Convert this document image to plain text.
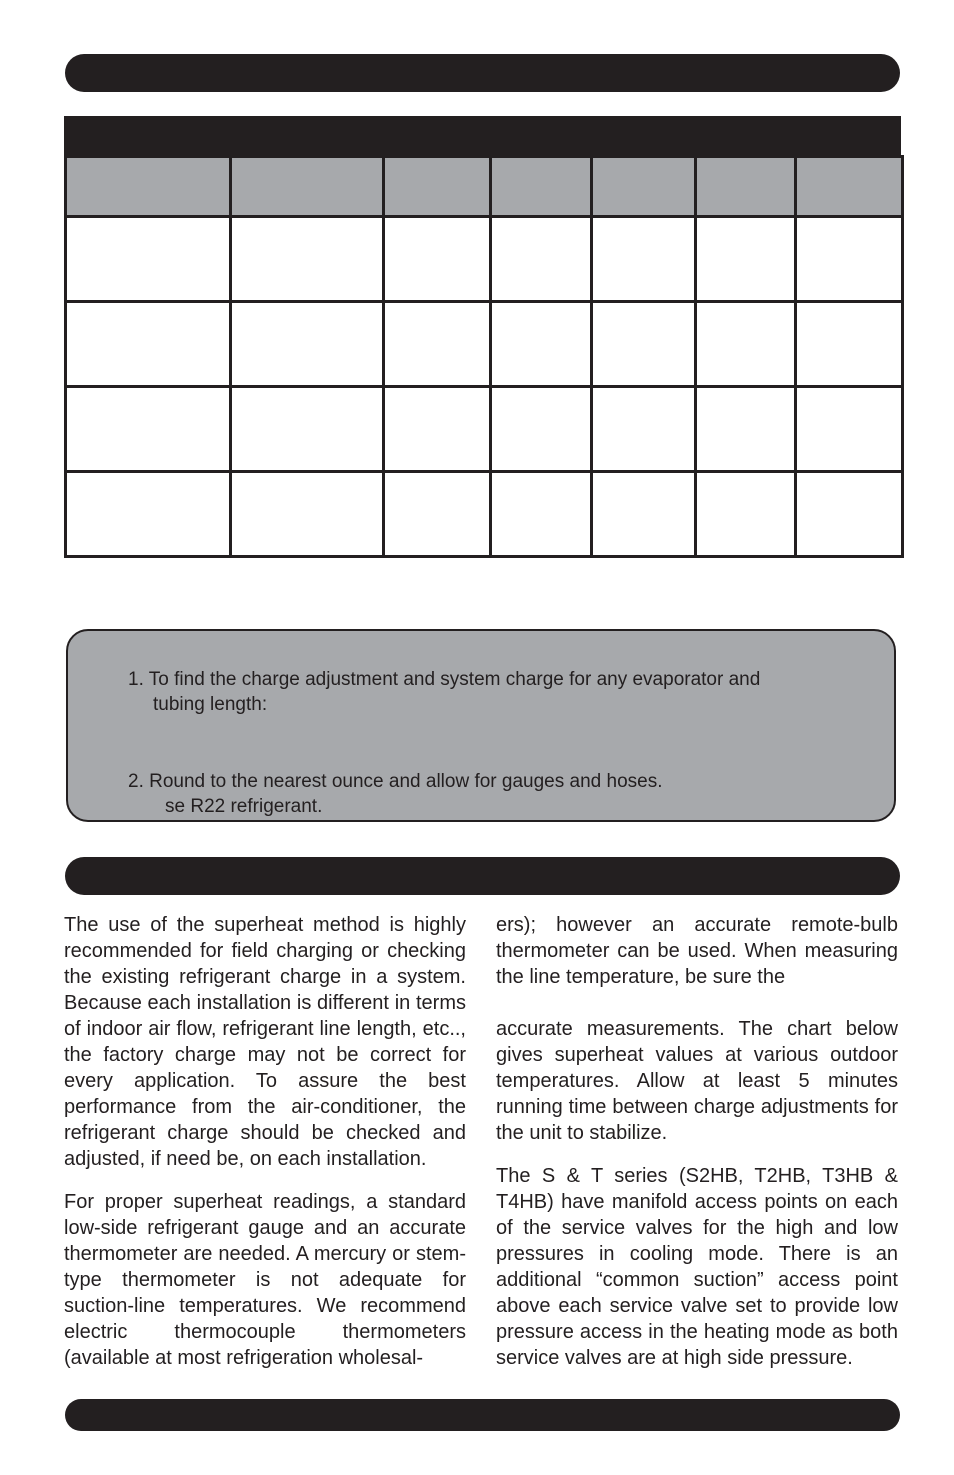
1. To find the charge adjustment and system charge for any evaporator and
tubing length:

2. Round to the nearest ounce and allow for gauges and hoses.
se R22 refrigerant.

The use of the superheat method is highly recommended for field charging or checking the existing refrigerant charge in a system. Because each installation is different in terms of indoor air flow, refrigerant line length, etc.., the factory charge may not be correct for every application. To assure the best performance from the air-conditioner, the refrigerant charge should be checked and adjusted, if need be, on each installation.

For proper superheat readings, a standard low-side refrigerant gauge and an accurate thermometer are needed. A mercury or stem-type thermometer is not adequate for suction-line temperatures. We recommend electric thermocouple thermometers (available at most refrigeration wholesal-

ers); however an accurate remote-bulb thermometer can be used. When measuring the line temperature, be sure the

accurate measurements. The chart below gives superheat values at various outdoor temperatures. Allow at least 5 minutes running time between charge adjustments for the unit to stabilize.

The S & T series (S2HB, T2HB, T3HB & T4HB) have manifold access points on each of the service valves for the high and low pressures in cooling mode. There is an additional “common suction” access point above each service valve set to provide low pressure access in the heating mode as both service valves are at high side pressure.
